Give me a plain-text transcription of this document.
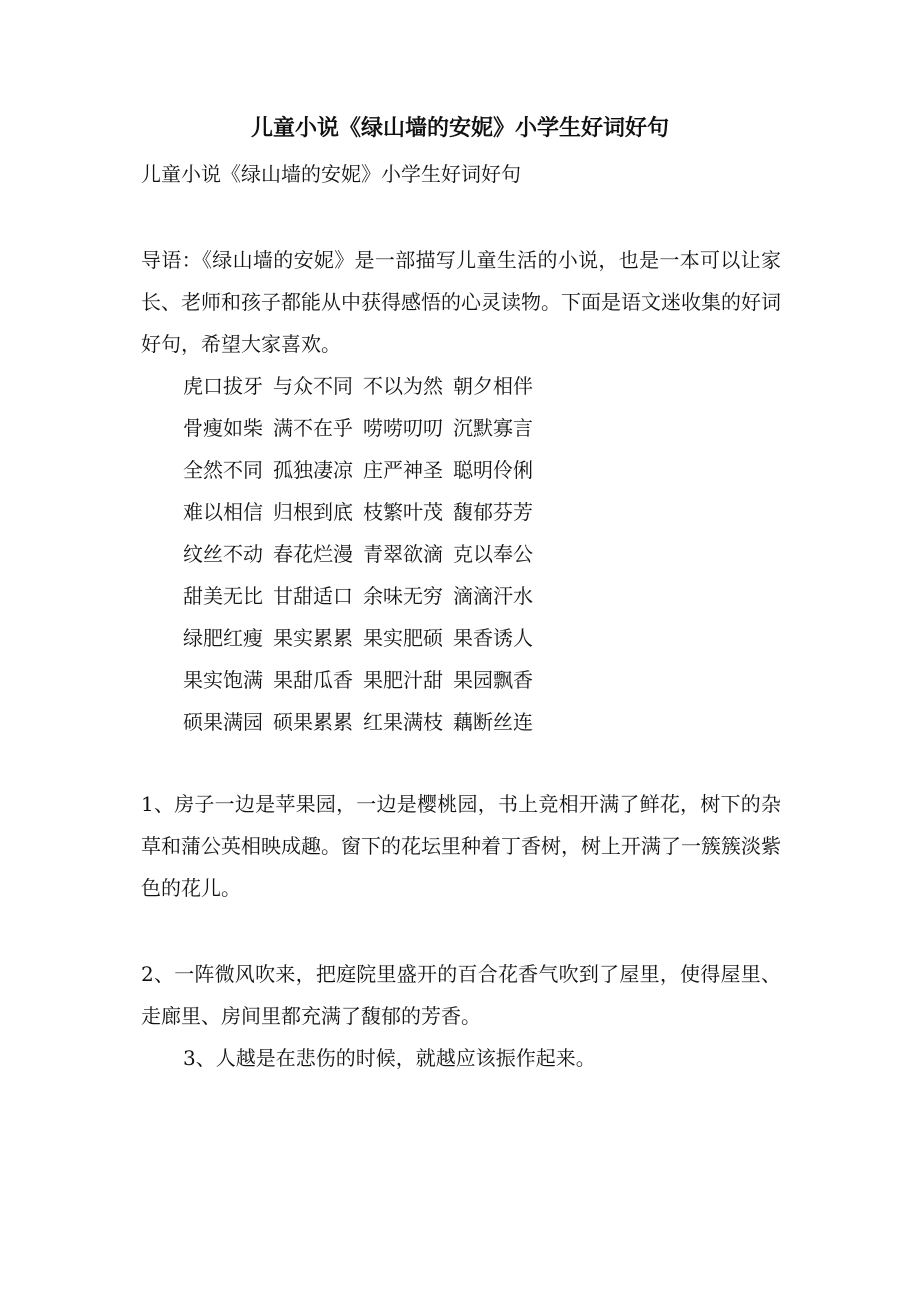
儿童小说《绿山墙的安妮》小学生好词好句
儿童小说《绿山墙的安妮》小学生好词好句
导语：《绿山墙的安妮》是一部描写儿童生活的小说，也是一本可以让家长、老师和孩子都能从中获得感悟的心灵读物。下面是语文迷收集的好词好句，希望大家喜欢。
虎口拔牙 与众不同 不以为然 朝夕相伴
骨瘦如柴 满不在乎 唠唠叨叨 沉默寡言
全然不同 孤独凄凉 庄严神圣 聪明伶俐
难以相信 归根到底 枝繁叶茂 馥郁芬芳
纹丝不动 春花烂漫 青翠欲滴 克以奉公
甜美无比 甘甜适口 余味无穷 滴滴汗水
绿肥红瘦 果实累累 果实肥硕 果香诱人
果实饱满 果甜瓜香 果肥汁甜 果园飘香
硕果满园 硕果累累 红果满枝 藕断丝连
1、房子一边是苹果园，一边是樱桃园，书上竞相开满了鲜花，树下的杂草和蒲公英相映成趣。窗下的花坛里种着丁香树，树上开满了一簇簇淡紫色的花儿。
2、一阵微风吹来，把庭院里盛开的百合花香气吹到了屋里，使得屋里、走廊里、房间里都充满了馥郁的芳香。
3、人越是在悲伤的时候，就越应该振作起来。
